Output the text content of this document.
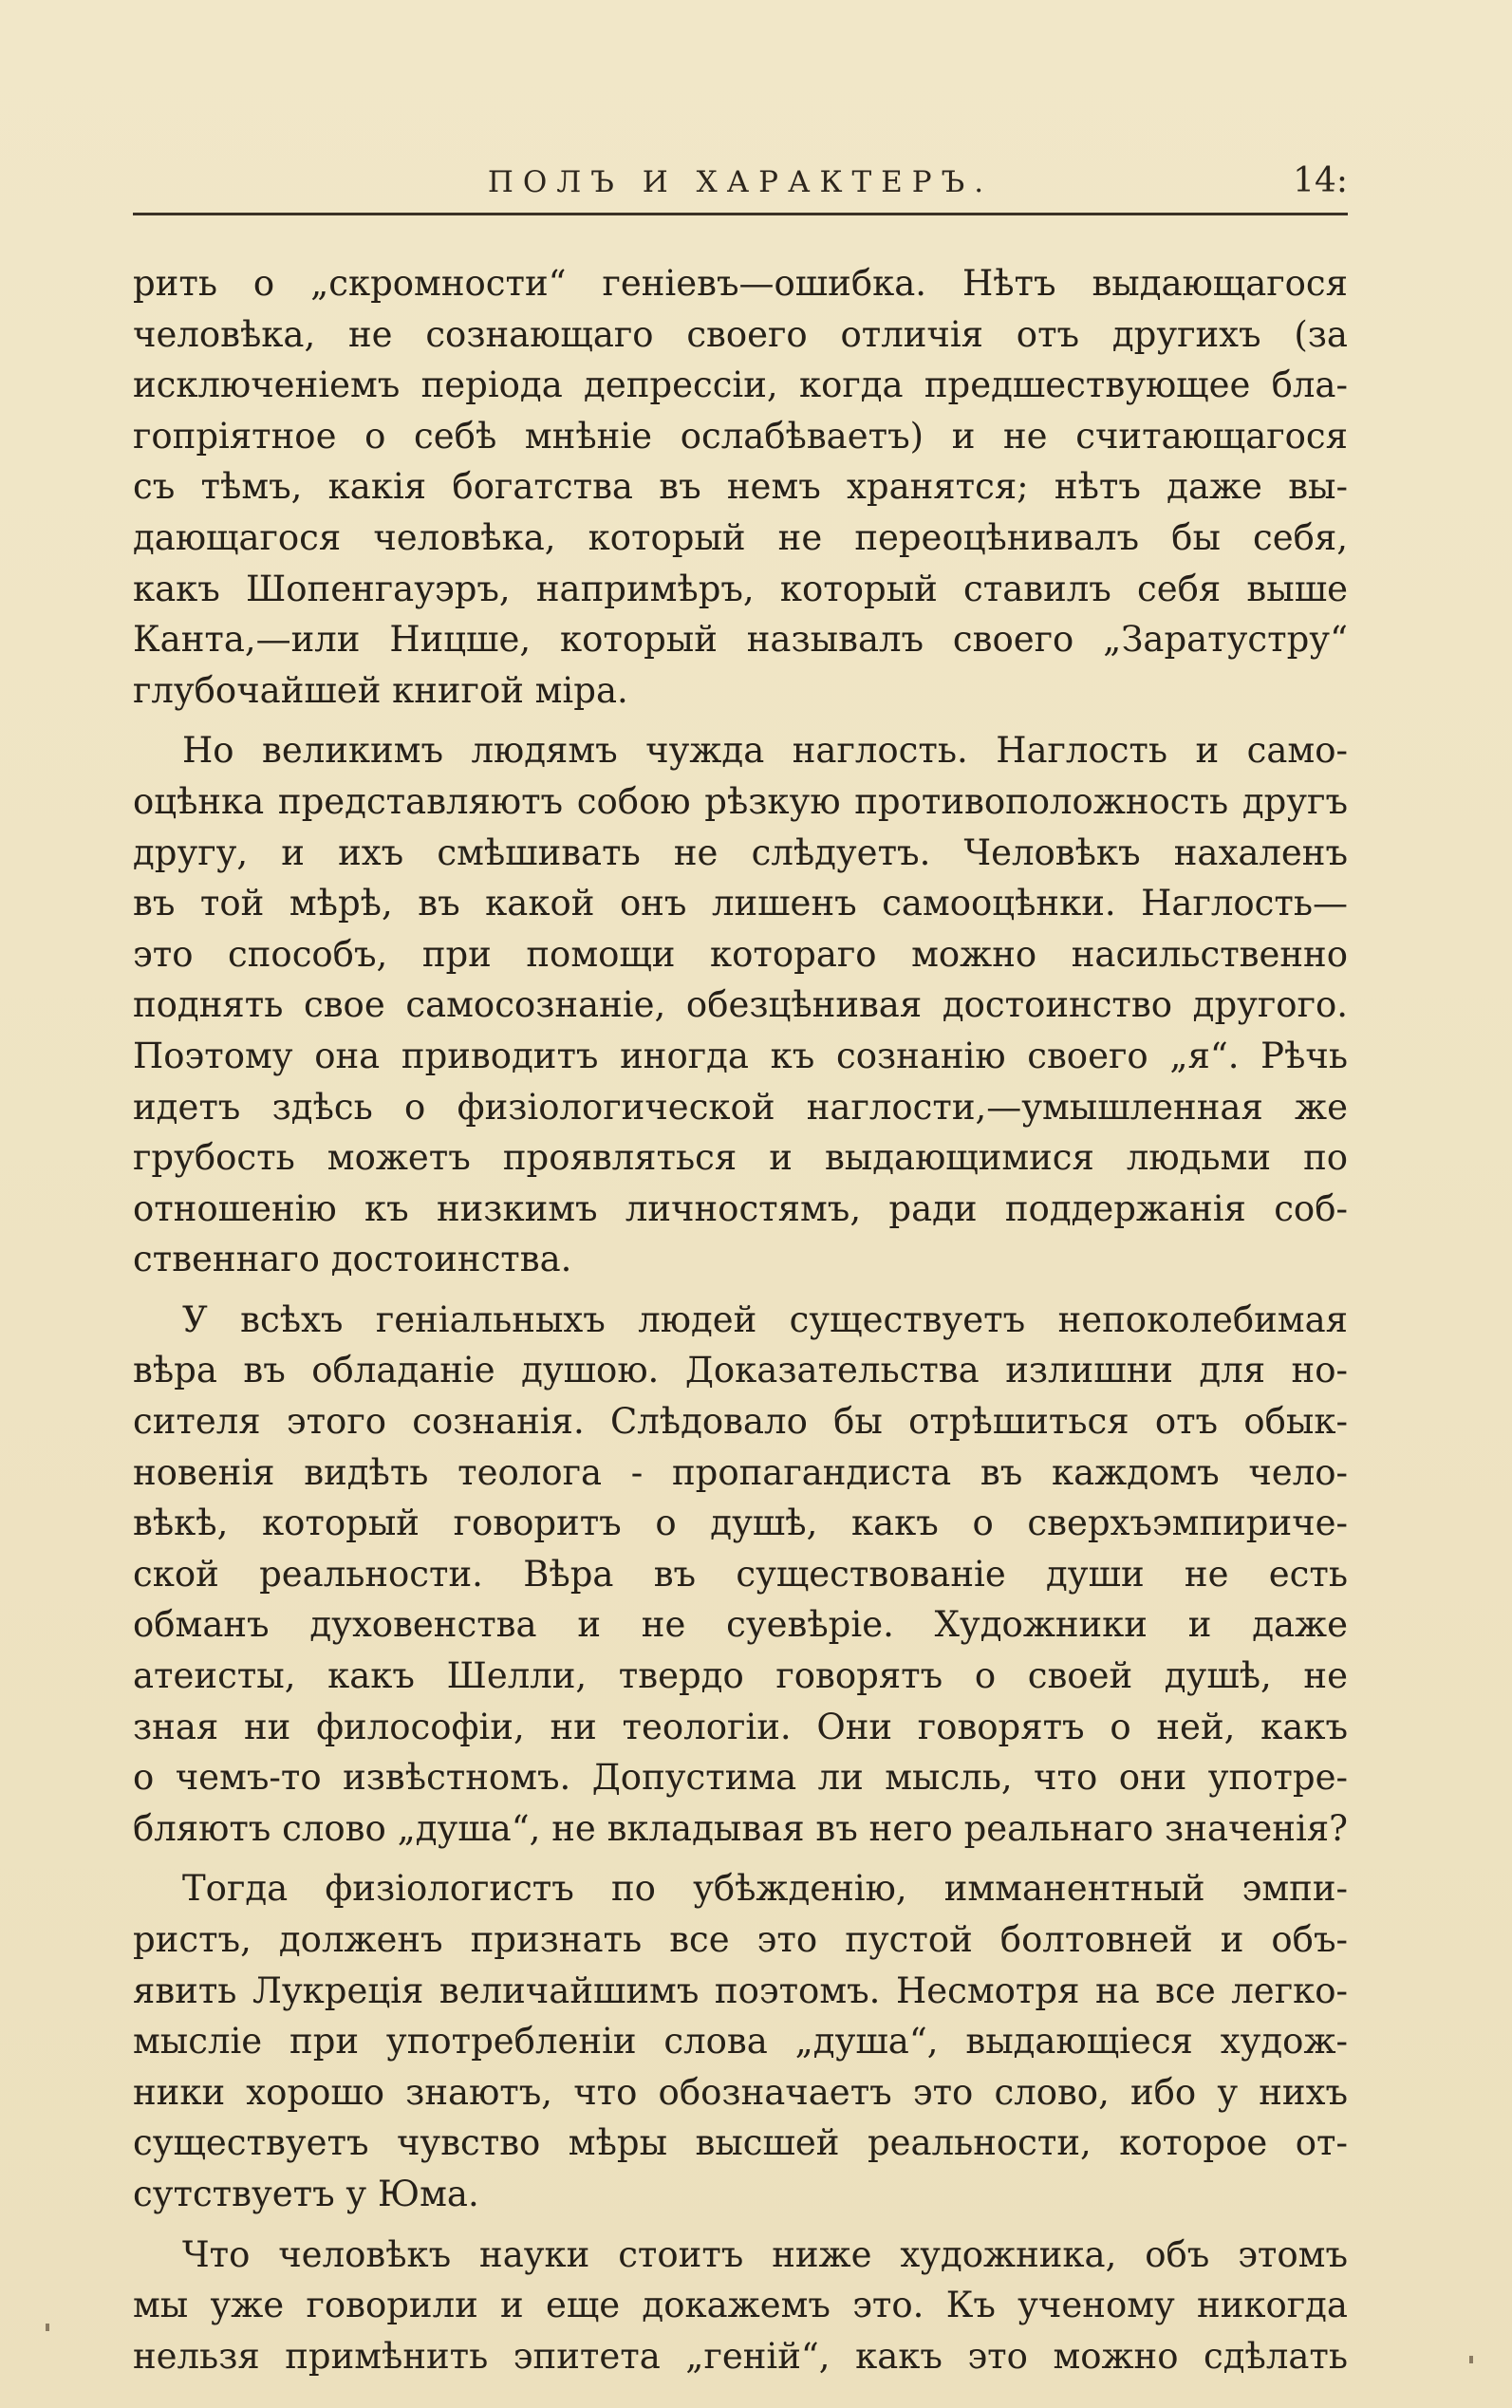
ПОЛЪ И ХАРАКТЕРЪ.	14:
рить о „скромности“ геніевъ—ошибка. Нѣтъ выдающагося
человѣка, не сознающаго своего отличія отъ другихъ (за
исключеніемъ періода депрессіи, когда предшествующее бла-
гопріятное о себѣ мнѣніе ослабѣваетъ) и не считающагося
съ тѣмъ, какія богатства въ немъ хранятся; нѣтъ даже вы-
дающагося человѣка, который не переоцѣнивалъ бы себя,
какъ Шопенгауэръ, напримѣръ, который ставилъ себя выше
Канта,—или Ницше, который называлъ своего „Заратустру“
глубочайшей книгой міра.
Но великимъ людямъ чужда наглость. Наглость и само-
оцѣнка представляютъ собою рѣзкую противоположность другъ
другу, и ихъ смѣшивать не слѣдуетъ. Человѣкъ нахаленъ
въ той мѣрѣ, въ какой онъ лишенъ самооцѣнки. Наглость—
это способъ, при помощи котораго можно насильственно
поднять свое самосознаніе, обезцѣнивая достоинство другого.
Поэтому она приводитъ иногда къ сознанію своего „я“. Рѣчь
идетъ здѣсь о физіологической наглости,—умышленная же
грубость можетъ проявляться и выдающимися людьми по
отношенію къ низкимъ личностямъ, ради поддержанія соб-
ственнаго достоинства.
У всѣхъ геніальныхъ людей существуетъ непоколебимая
вѣра въ обладаніе душою. Доказательства излишни для но-
сителя этого сознанія. Слѣдовало бы отрѣшиться отъ обык-
новенія видѣть теолога - пропагандиста въ каждомъ чело-
вѣкѣ, который говоритъ о душѣ, какъ о сверхъэмпириче-
ской реальности. Вѣра въ существованіе души не есть
обманъ духовенства и не суевѣріе. Художники и даже
атеисты, какъ Шелли, твердо говорятъ о своей душѣ, не
зная ни философіи, ни теологіи. Они говорятъ о ней, какъ
о чемъ-то извѣстномъ. Допустима ли мысль, что они употре-
бляютъ слово „душа“, не вкладывая въ него реальнаго значенія?
Тогда физіологистъ по убѣжденію, имманентный эмпи-
ристъ, долженъ признать все это пустой болтовней и объ-
явить Лукреція величайшимъ поэтомъ. Несмотря на все легко-
мысліе при употребленіи слова „душа“, выдающіеся худож-
ники хорошо знаютъ, что обозначаетъ это слово, ибо у нихъ
существуетъ чувство мѣры высшей реальности, которое от-
сутствуетъ у Юма.
Что человѣкъ науки стоитъ ниже художника, объ этомъ
мы уже говорили и еще докажемъ это. Къ ученому никогда
нельзя примѣнить эпитета „геній“, какъ это можно сдѣлать
